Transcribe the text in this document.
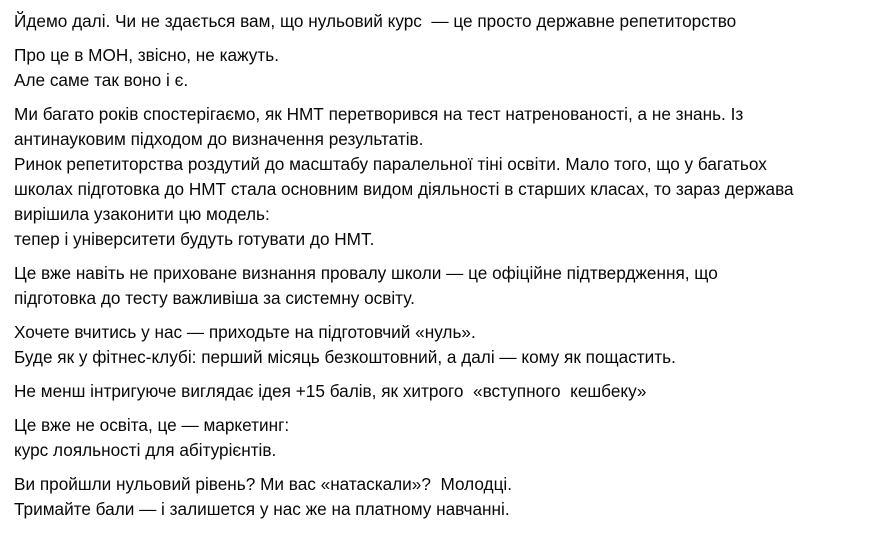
Йдемо далі. Чи не здається вам, що нульовий курс  — це просто державне репетиторство
Про це в МОН, звісно, не кажуть.
Але саме так воно і є.
Ми багато років спостерігаємо, як НМТ перетворився на тест натренованості, а не знань. Із
антинауковим підходом до визначення результатів.
Ринок репетиторства роздутий до масштабу паралельної тіні освіти. Мало того, що у багатьох
школах підготовка до НМТ стала основним видом діяльності в старших класах, то зараз держава
вирішила узаконити цю модель:
тепер і університети будуть готувати до НМТ.
Це вже навіть не приховане визнання провалу школи — це офіційне підтвердження, що
підготовка до тесту важливіша за системну освіту.
Хочете вчитись у нас — приходьте на підготовчий «нуль».
Буде як у фітнес-клубі: перший місяць безкоштовний, а далі — кому як пощастить.
Не менш інтригуюче виглядає ідея +15 балів, як хитрого  «вступного  кешбеку»
Це вже не освіта, це — маркетинг:
курс лояльності для абітурієнтів.
Ви пройшли нульовий рівень? Ми вас «натаскали»?  Молодці.
Тримайте бали — і залишется у нас же на платному навчанні.
